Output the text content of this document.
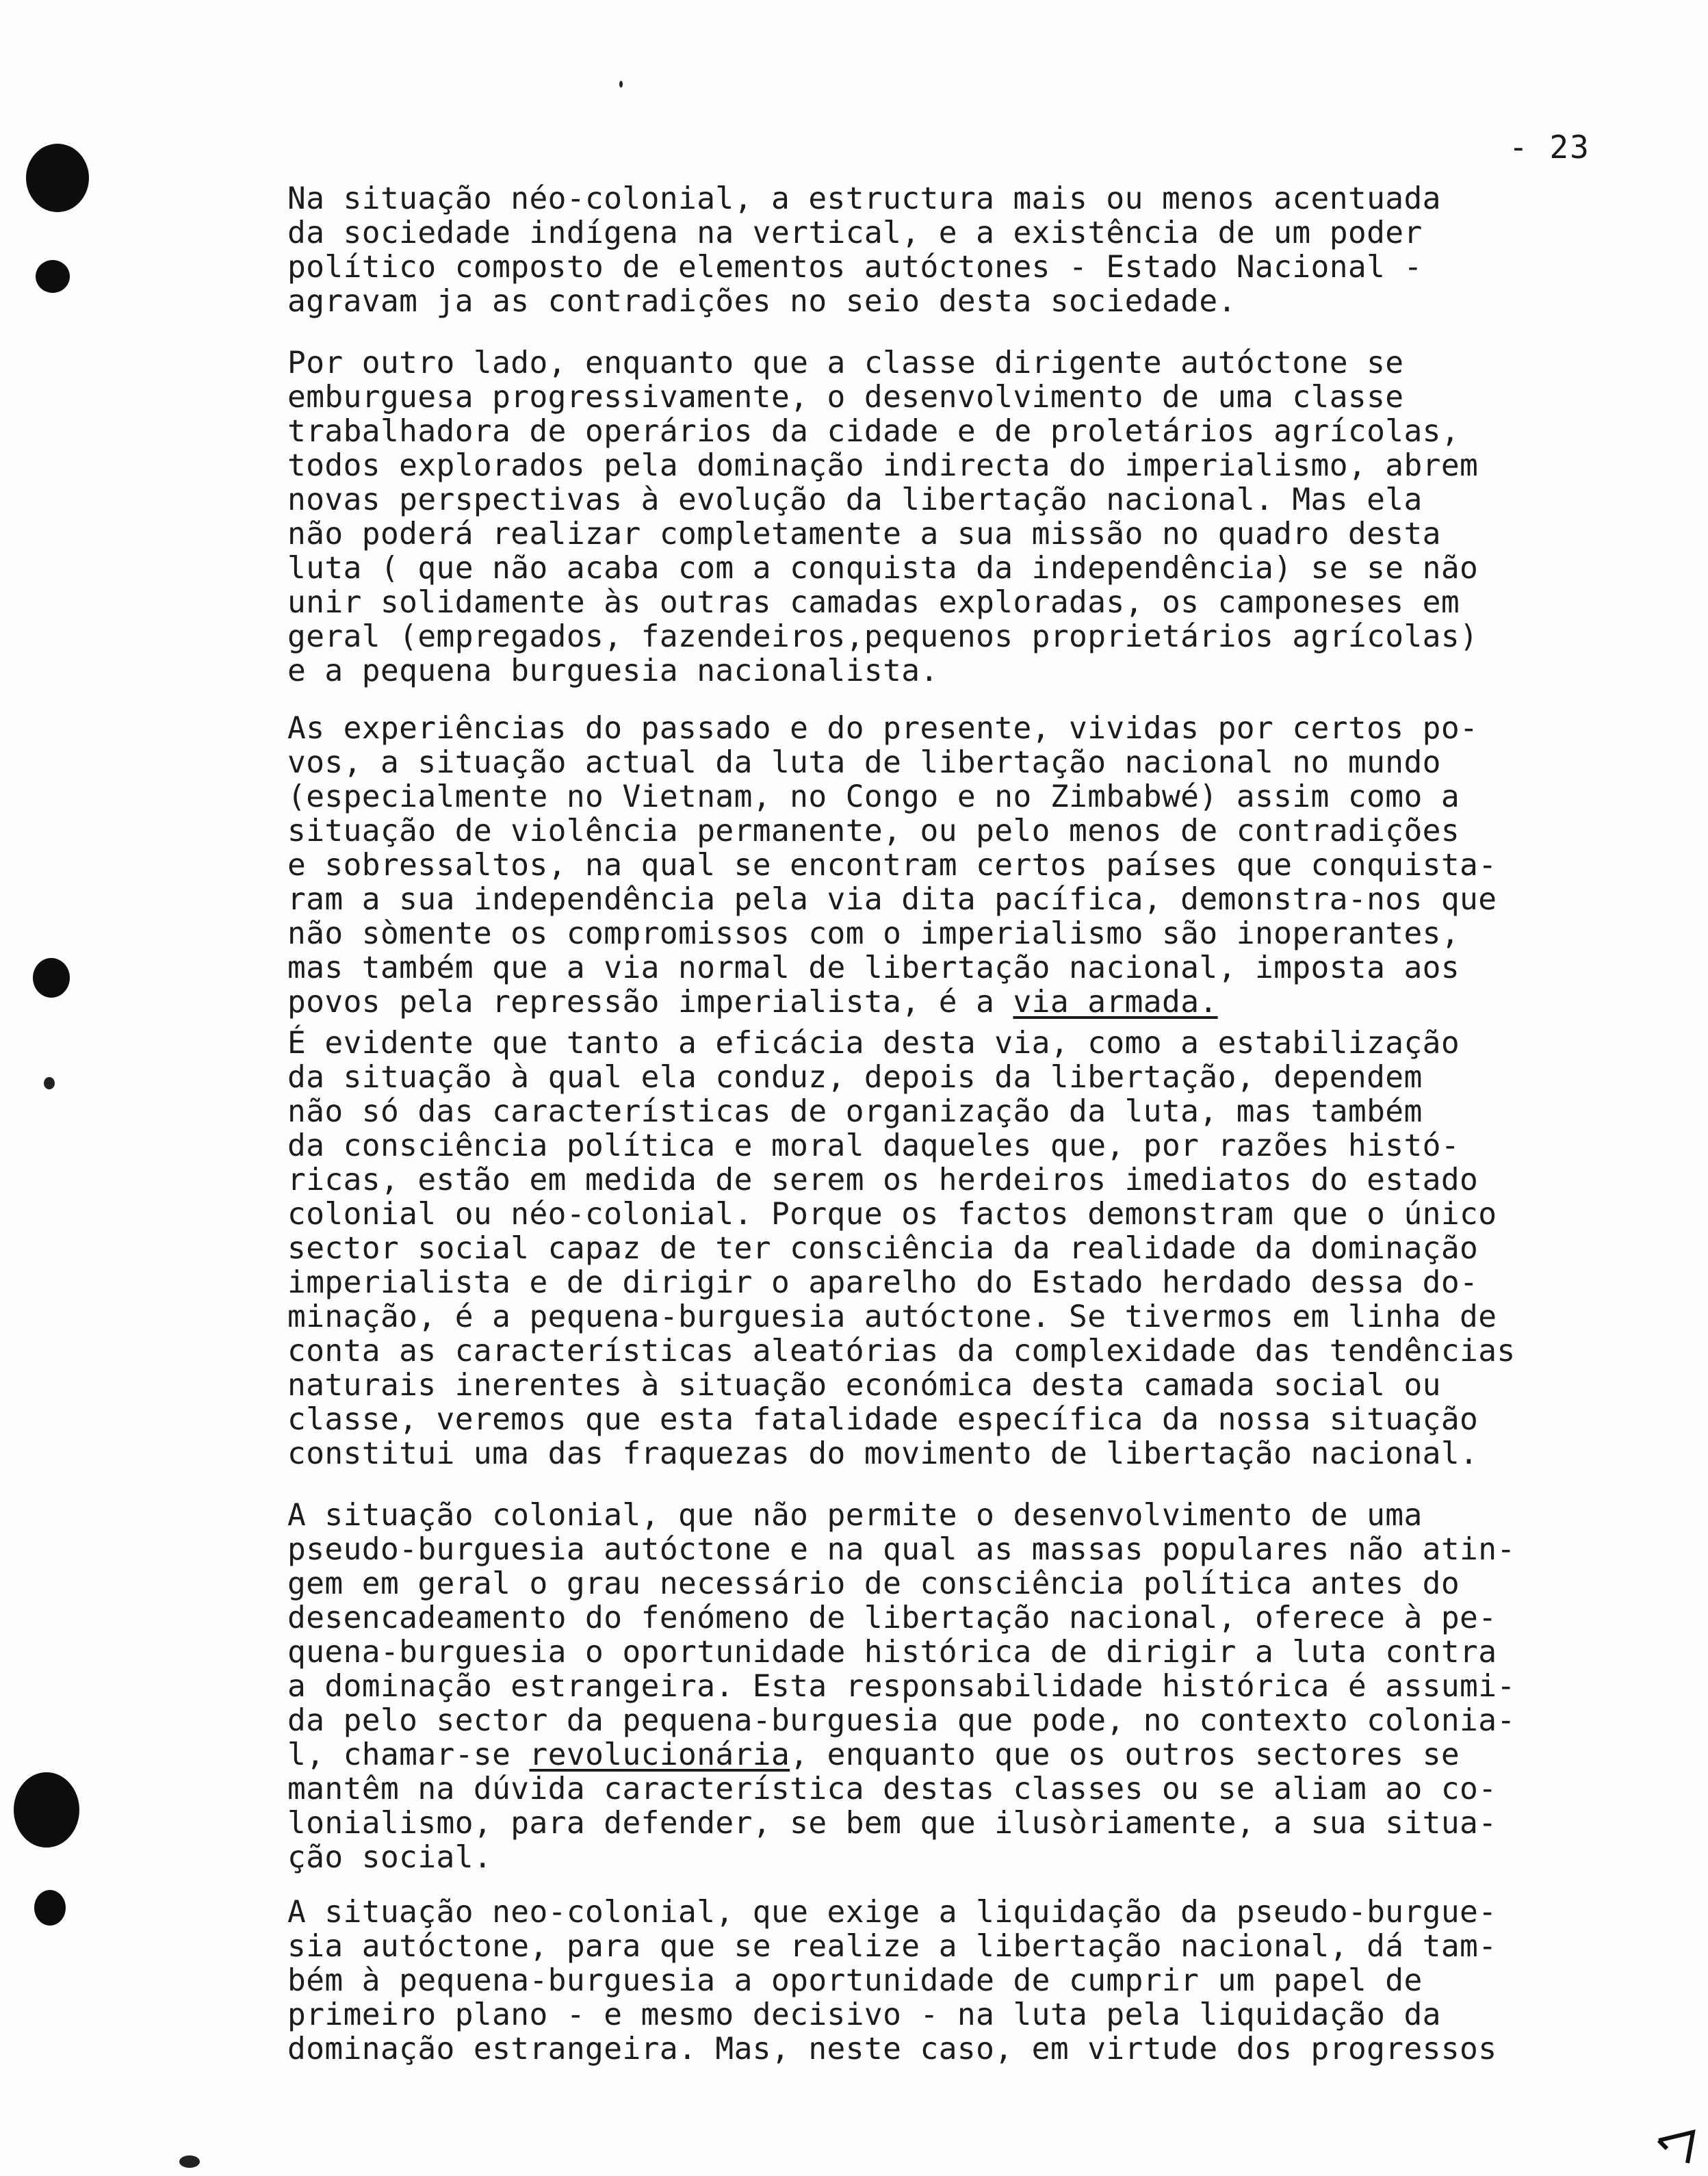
- 23

Na situação néo-colonial, a estructura mais ou menos acentuada
da sociedade indígena na vertical, e a existência de um poder
político composto de elementos autóctones - Estado Nacional -
agravam ja as contradições no seio desta sociedade.

Por outro lado, enquanto que a classe dirigente autóctone se
emburguesa progressivamente, o desenvolvimento de uma classe
trabalhadora de operários da cidade e de proletários agrícolas,
todos explorados pela dominação indirecta do imperialismo, abrem
novas perspectivas à evolução da libertação nacional. Mas ela
não poderá realizar completamente a sua missão no quadro desta
luta ( que não acaba com a conquista da independência) se se não
unir solidamente às outras camadas exploradas, os camponeses em
geral (empregados, fazendeiros,pequenos proprietários agrícolas)
e a pequena burguesia nacionalista.

As experiências do passado e do presente, vividas por certos po-
vos, a situação actual da luta de libertação nacional no mundo
(especialmente no Vietnam, no Congo e no Zimbabwé) assim como a
situação de violência permanente, ou pelo menos de contradições
e sobressaltos, na qual se encontram certos países que conquista-
ram a sua independência pela via dita pacífica, demonstra-nos que
não sòmente os compromissos com o imperialismo são inoperantes,
mas também que a via normal de libertação nacional, imposta aos
povos pela repressão imperialista, é a via armada.

É evidente que tanto a eficácia desta via, como a estabilização
da situação à qual ela conduz, depois da libertação, dependem
não só das características de organização da luta, mas também
da consciência política e moral daqueles que, por razões histó-
ricas, estão em medida de serem os herdeiros imediatos do estado
colonial ou néo-colonial. Porque os factos demonstram que o único
sector social capaz de ter consciência da realidade da dominação
imperialista e de dirigir o aparelho do Estado herdado dessa do-
minação, é a pequena-burguesia autóctone. Se tivermos em linha de
conta as características aleatórias da complexidade das tendências
naturais inerentes à situação económica desta camada social ou
classe, veremos que esta fatalidade específica da nossa situação
constitui uma das fraquezas do movimento de libertação nacional.

A situação colonial, que não permite o desenvolvimento de uma
pseudo-burguesia autóctone e na qual as massas populares não atin-
gem em geral o grau necessário de consciência política antes do
desencadeamento do fenómeno de libertação nacional, oferece à pe-
quena-burguesia o oportunidade histórica de dirigir a luta contra
a dominação estrangeira. Esta responsabilidade histórica é assumi-
da pelo sector da pequena-burguesia que pode, no contexto coloniа-
l, chamar-se revolucionária, enquanto que os outros sectores se
mantêm na dúvida característica destas classes ou se aliam ao co-
lonialismo, para defender, se bem que ilusòriamente, a sua situa-
ção social.

A situação neo-colonial, que exige a liquidação da pseudo-burgue-
sia autóctone, para que se realize a libertação nacional, dá tam-
bém à pequena-burguesia a oportunidade de cumprir um papel de
primeiro plano - e mesmo decisivo - na luta pela liquidação da
dominação estrangeira. Mas, neste caso, em virtude dos progressos
